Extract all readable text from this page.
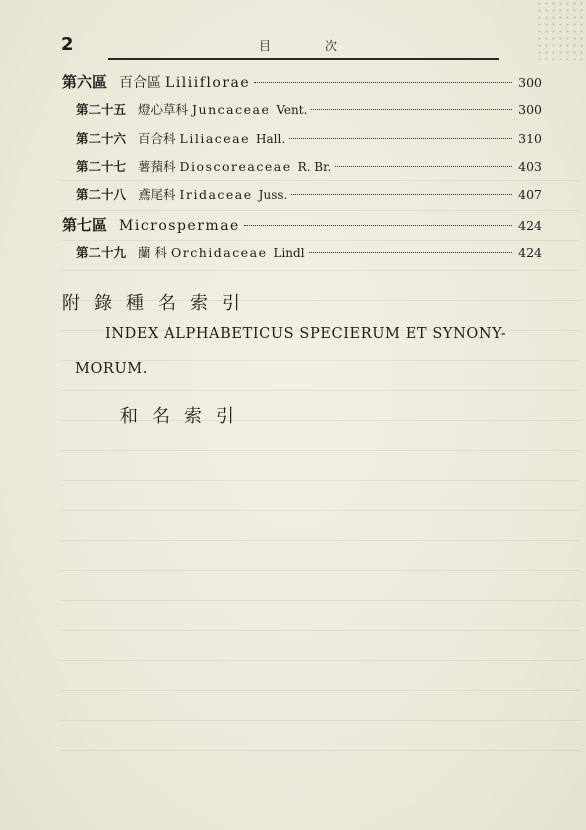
2	目次
第六區 百合區 Liliiflorae	300
第二十五 燈心草科 Juncaceae Vent.	300
第二十六 百合科 Liliaceae Hall.	310
第二十七 薯蕷科 Dioscoreaceae R. Br.	403
第二十八 鳶尾科 Iridaceae Juss.	407
第七區 Microspermae	424
第二十九 蘭 科 Orchidaceae Lindl	424
附錄種名索引
INDEX ALPHABETICUS SPECIERUM ET SYNONY-
MORUM.
和名索引
